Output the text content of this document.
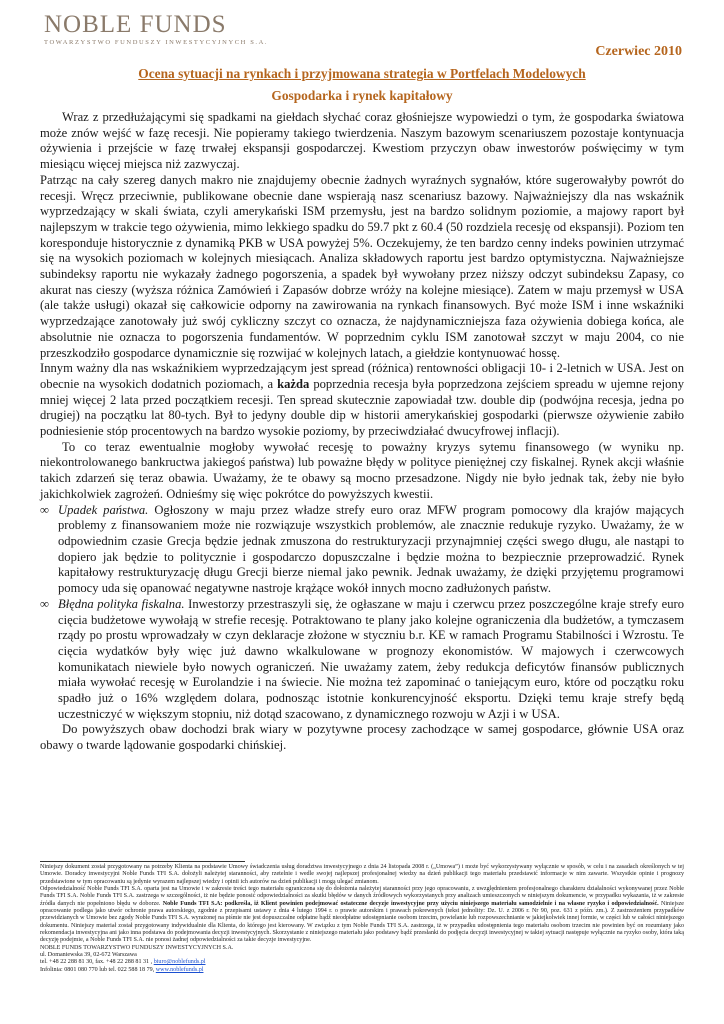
NOBLE FUNDS
TOWARZYSTWO FUNDUSZY INWESTYCYJNYCH S.A.
Czerwiec 2010
Ocena sytuacji na rynkach i przyjmowana strategia w Portfelach Modelowych
Gospodarka i rynek kapitałowy

Wraz z przedłużającymi się spadkami na giełdach słychać coraz głośniejsze wypowiedzi o tym, że gospodarka światowa może znów wejść w fazę recesji. Nie popieramy takiego twierdzenia. Naszym bazowym scenariuszem pozostaje kontynuacja ożywienia i przejście w fazę trwałej ekspansji gospodarczej. Kwestiom przyczyn obaw inwestorów poświęcimy w tym miesiącu więcej miejsca niż zazwyczaj.

Patrząc na cały szereg danych makro nie znajdujemy obecnie żadnych wyraźnych sygnałów, które sugerowałyby powrót do recesji. Wręcz przeciwnie, publikowane obecnie dane wspierają nasz scenariusz bazowy. Najważniejszy dla nas wskaźnik wyprzedzający w skali świata, czyli amerykański ISM przemysłu, jest na bardzo solidnym poziomie, a majowy raport był najlepszym w trakcie tego ożywienia, mimo lekkiego spadku do 59.7 pkt z 60.4 (50 rozdziela recesję od ekspansji). Poziom ten koresponduje historycznie z dynamiką PKB w USA powyżej 5%. Oczekujemy, że ten bardzo cenny indeks powinien utrzymać się na wysokich poziomach w kolejnych miesiącach. Analiza składowych raportu jest bardzo optymistyczna. Najważniejsze subindeksy raportu nie wykazały żadnego pogorszenia, a spadek był wywołany przez niższy odczyt subindeksu Zapasy, co akurat nas cieszy (wyższa różnica Zamówień i Zapasów dobrze wróży na kolejne miesiące). Zatem w maju przemysł w USA (ale także usługi) okazał się całkowicie odporny na zawirowania na rynkach finansowych. Być może ISM i inne wskaźniki wyprzedzające zanotowały już swój cykliczny szczyt co oznacza, że najdynamiczniejsza faza ożywienia dobiega końca, ale absolutnie nie oznacza to pogorszenia fundamentów. W poprzednim cyklu ISM zanotował szczyt w maju 2004, co nie przeszkodziło gospodarce dynamicznie się rozwijać w kolejnych latach, a giełdzie kontynuować hossę.

Innym ważny dla nas wskaźnikiem wyprzedzającym jest spread (różnica) rentowności obligacji 10- i 2-letnich w USA. Jest on obecnie na wysokich dodatnich poziomach, a każda poprzednia recesja była poprzedzona zejściem spreadu w ujemne rejony mniej więcej 2 lata przed początkiem recesji. Ten spread skutecznie zapowiadał tzw. double dip (podwójna recesja, jedna po drugiej) na początku lat 80-tych. Był to jedyny double dip w historii amerykańskiej gospodarki (pierwsze ożywienie zabiło podniesienie stóp procentowych na bardzo wysokie poziomy, by przeciwdziałać dwucyfrowej inflacji).

To co teraz ewentualnie mogłoby wywołać recesję to poważny kryzys sytemu finansowego (w wyniku np. niekontrolowanego bankructwa jakiegoś państwa) lub poważne błędy w polityce pieniężnej czy fiskalnej. Rynek akcji właśnie takich zdarzeń się teraz obawia. Uważamy, że te obawy są mocno przesadzone. Nigdy nie było jednak tak, żeby nie było jakichkolwiek zagrożeń. Odnieśmy się więc pokrótce do powyższych kwestii.

∞ Upadek państwa. Ogłoszony w maju przez władze strefy euro oraz MFW program pomocowy dla krajów mających problemy z finansowaniem może nie rozwiązuje wszystkich problemów, ale znacznie redukuje ryzyko. Uważamy, że w odpowiednim czasie Grecja będzie jednak zmuszona do restrukturyzacji przynajmniej części swego długu, ale nastąpi to dopiero jak będzie to politycznie i gospodarczo dopuszczalne i będzie można to bezpiecznie przeprowadzić. Rynek kapitałowy restrukturyzację długu Grecji bierze niemal jako pewnik. Jednak uważamy, że dzięki przyjętemu programowi pomocy uda się opanować negatywne nastroje krążące wokół innych mocno zadłużonych państw.

∞ Błędna polityka fiskalna. Inwestorzy przestraszyli się, że ogłaszane w maju i czerwcu przez poszczególne kraje strefy euro cięcia budżetowe wywołają w strefie recesję. Potraktowano te plany jako kolejne ograniczenia dla budżetów, a tymczasem rządy po prostu wprowadzały w czyn deklaracje złożone w styczniu b.r. KE w ramach Programu Stabilności i Wzrostu. Te cięcia wydatków były więc już dawno wkalkulowane w prognozy ekonomistów. W majowych i czerwcowych komunikatach niewiele było nowych ograniczeń. Nie uważamy zatem, żeby redukcja deficytów finansów publicznych miała wywołać recesję w Eurolandzie i na świecie. Nie można też zapominać o taniejącym euro, które od początku roku spadło już o 16% względem dolara, podnosząc istotnie konkurencyjność eksportu. Dzięki temu kraje strefy będą uczestniczyć w większym stopniu, niż dotąd szacowano, z dynamicznego rozwoju w Azji i w USA.

Do powyższych obaw dochodzi brak wiary w pozytywne procesy zachodzące w samej gospodarce, głównie USA oraz obawy o twarde lądowanie gospodarki chińskiej.

Niniejszy dokument został przygotowany na potrzeby Klienta na podstawie Umowy świadczenia usług doradztwa inwestycyjnego z dnia 24 listopada 2008 r. („Umowa”) i może być wykorzystywany wyłącznie w sposób, w celu i na zasadach określonych w tej Umowie. Doradcy inwestycyjni Noble Funds TFI S.A. dołożyli należytej staranności, aby rzetelnie i wedle swojej najlepszej profesjonalnej wiedzy na dzień publikacji tego materiału przedstawić informacje w nim zawarte. Wszystkie opinie i prognozy przedstawione w tym opracowaniu są jedynie wyrazem najlepszej wiedzy i opinii ich autorów na dzień publikacji i mogą ulegać zmianom.

Odpowiedzialność Noble Funds TFI S.A. oparta jest na Umowie i w zakresie treści tego materiału ograniczona się do dołożenia należytej staranności przy jego opracowaniu, z uwzględnieniem profesjonalnego charakteru działalności wykonywanej przez Noble Funds TFI S.A. Noble Funds TFI S.A. zastrzega w szczególności, iż nie będzie ponosić odpowiedzialności za skutki błędów w danych źródłowych wykorzystanych przy analizach umieszczonych w niniejszym dokumencie, w przypadku wykazania, iż w zakresie źródła danych nie popełniono błędu w doborze. Noble Funds TFI S.A: podkreśla, iż Klient powinien podejmować ostateczne decyzje inwestycyjne przy użyciu niniejszego materiału samodzielnie i na własne ryzyko i odpowiedzialność. Niniejsze opracowanie podlega jako utwór ochronie prawa autorskiego, zgodnie z przepisami ustawy z dnia 4 lutego 1994 r. o prawie autorskim i prawach pokrewnych (tekst jednolity: Dz. U. z 2006 r. Nr 90, poz. 631 z późn. zm.). Z zastrzeżeniem przypadków przewidzianych w Umowie bez zgody Noble Funds TFI S.A. wyrażonej na piśmie nie jest dopuszczalne odpłatne bądź nieodpłatne udostępnianie osobom trzecim, powielanie lub rozpowszechnianie w jakiejkolwiek innej formie, w części lub w całości niniejszego dokumentu. Niniejszy materiał został przygotowany indywidualnie dla Klienta, do którego jest kierowany. W związku z tym Noble Funds TFI S.A. zastrzega, iż w przypadku udostępnienia tego materiału osobom trzecim nie powinien być on rozumiany jako rekomendacja inwestycyjna ani jako inna podstawa do podejmowania decyzji inwestycyjnych. Skorzystanie z niniejszego materiału jako podstawy bądź przesłanki do podjęcia decyzji inwestycyjnej w takiej sytuacji następuje wyłącznie na ryzyko osoby, która taką decyzję podejmie, a Noble Funds TFI S.A. nie ponosi żadnej odpowiedzialności za takie decyzje inwestycyjne.

NOBLE FUNDS TOWARZYSTWO FUNDUSZY INWESTYCYJNYCH S.A.

ul. Domaniewska 39, 02-672 Warszawa

tel. +48 22 288 81 30, fax. +48 22 288 81 31 , biuro@noblefunds.pl

Infolinia: 0801 080 770 lub tel. 022 588 18 79, www.noblefunds.pl
